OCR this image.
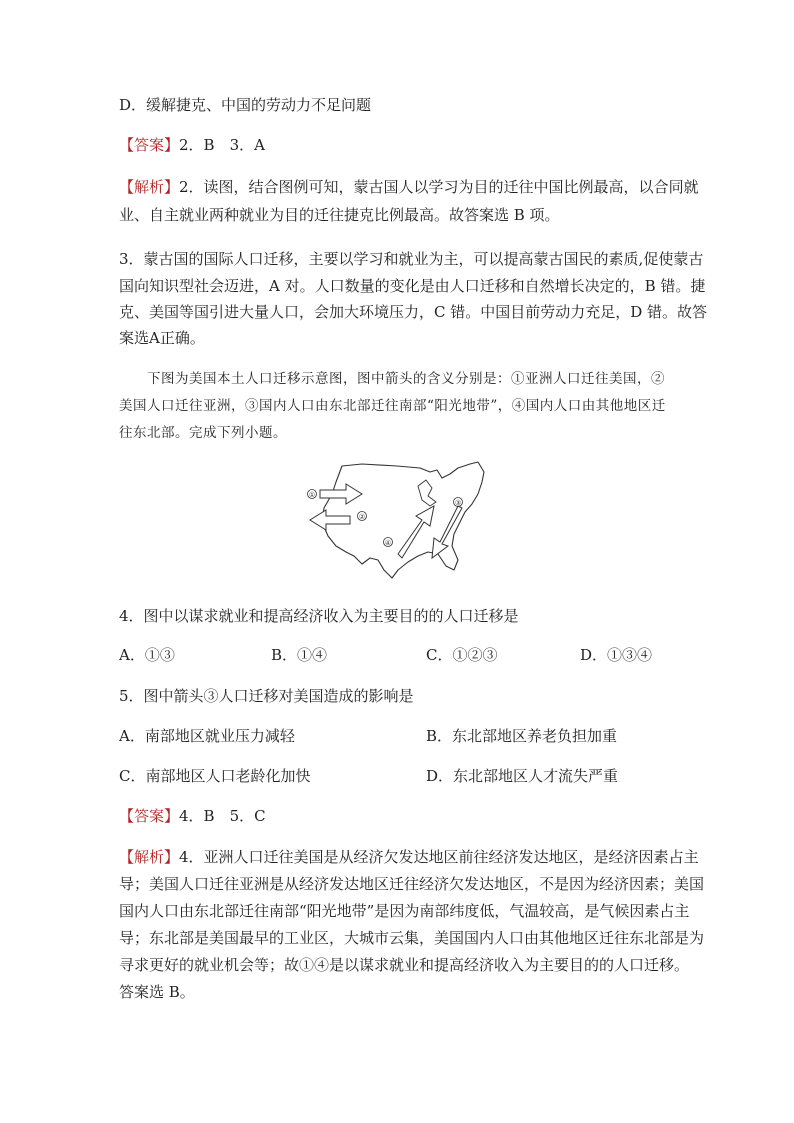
D．缓解捷克、中国的劳动力不足问题
【答案】2．B　3．A
【解析】2．读图，结合图例可知，蒙古国人以学习为目的迁往中国比例最高，以合同就
业、自主就业两种就业为目的迁往捷克比例最高。故答案选 B 项。
3．蒙古国的国际人口迁移，主要以学习和就业为主，可以提高蒙古国民的素质,促使蒙古
国向知识型社会迈进，A 对。人口数量的变化是由人口迁移和自然增长决定的，B 错。捷
克、美国等国引进大量人口，会加大环境压力，C 错。中国目前劳动力充足，D 错。故答
案选A正确。
下图为美国本土人口迁移示意图，图中箭头的含义分别是：①亚洲人口迁往美国，②
美国人口迁往亚洲，③国内人口由东北部迁往南部“阳光地带”，④国内人口由其他地区迁
往东北部。完成下列小题。
①
②
③
④
4．图中以谋求就业和提高经济收入为主要目的的人口迁移是
A．①③	B．①④	C．①②③	D．①③④
5．图中箭头③人口迁移对美国造成的影响是
A．南部地区就业压力减轻	B．东北部地区养老负担加重
C．南部地区人口老龄化加快	D．东北部地区人才流失严重
【答案】4．B　5．C
【解析】4．亚洲人口迁往美国是从经济欠发达地区前往经济发达地区，是经济因素占主
导；美国人口迁往亚洲是从经济发达地区迁往经济欠发达地区，不是因为经济因素；美国
国内人口由东北部迁往南部“阳光地带”是因为南部纬度低，气温较高，是气候因素占主
导；东北部是美国最早的工业区，大城市云集，美国国内人口由其他地区迁往东北部是为
寻求更好的就业机会等；故①④是以谋求就业和提高经济收入为主要目的的人口迁移。
答案选 B。
